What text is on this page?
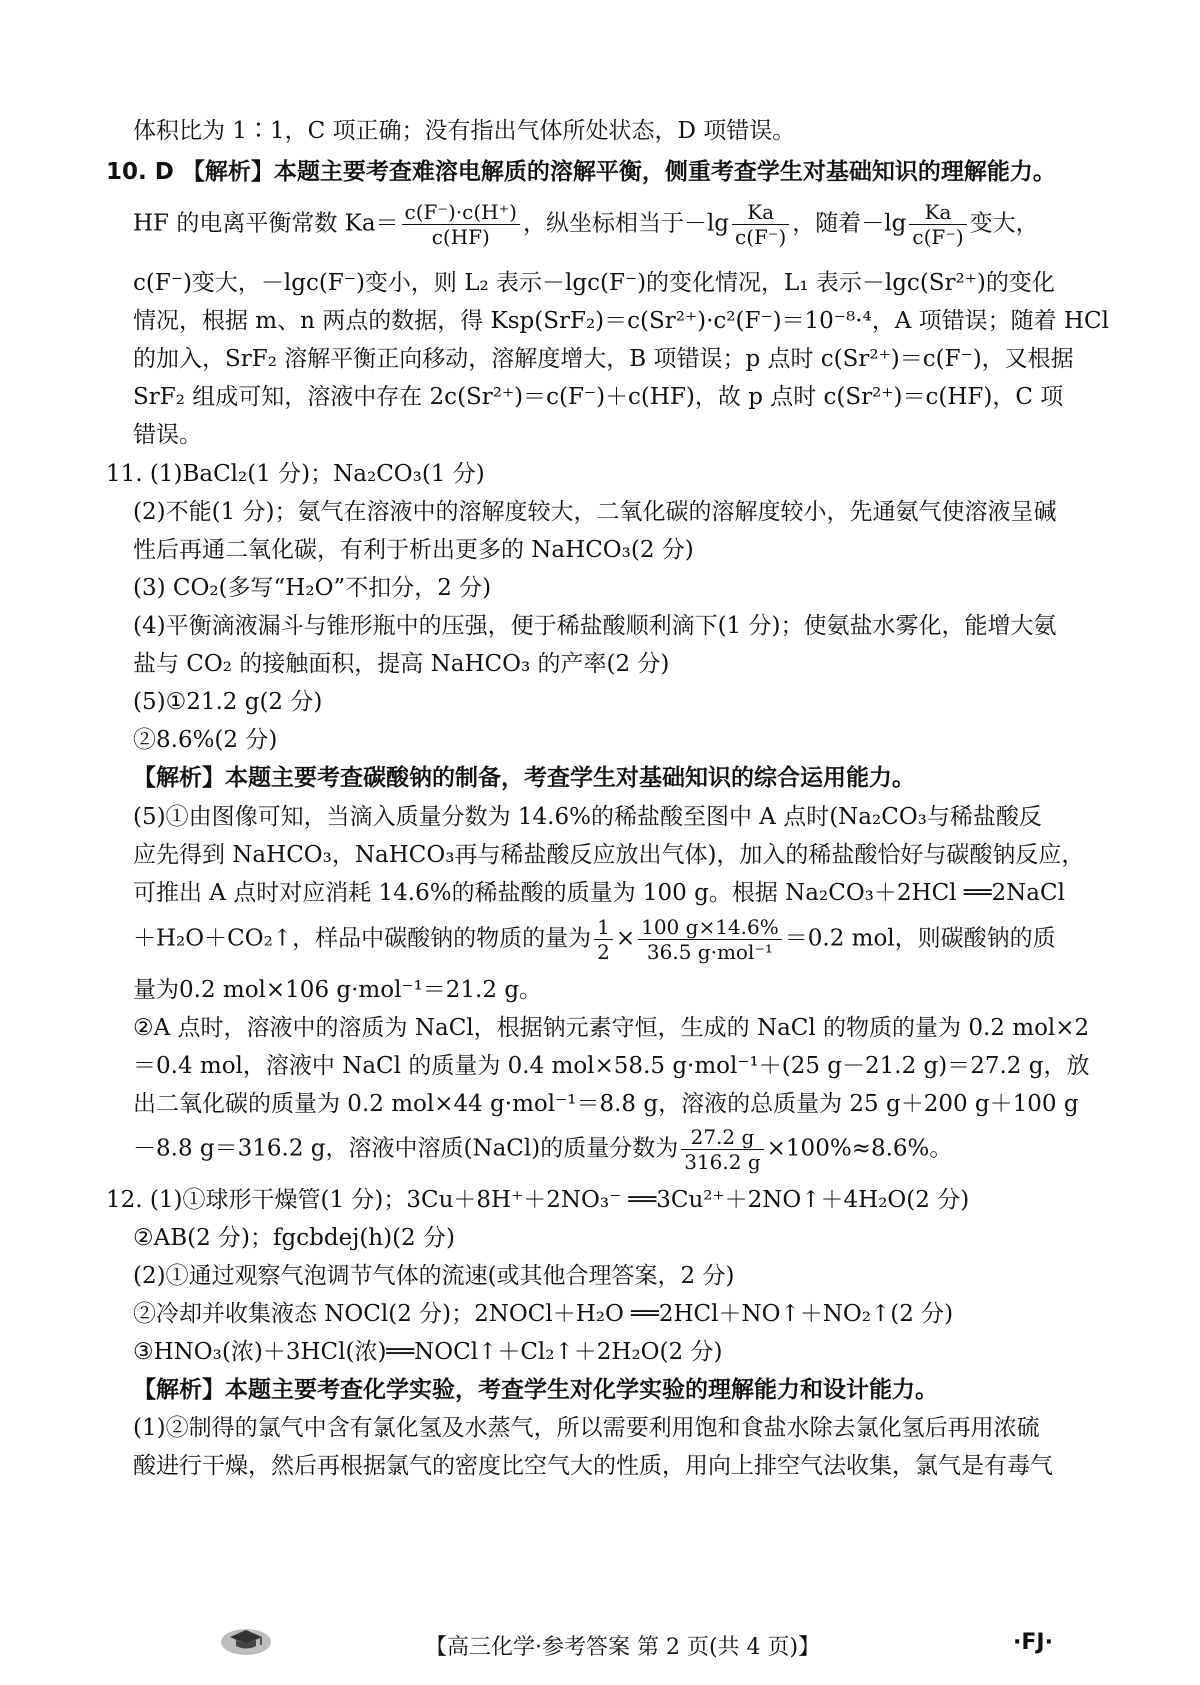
体积比为 1∶1，C 项正确；没有指出气体所处状态，D 项错误。
10. D 【解析】本题主要考查难溶电解质的溶解平衡，侧重考查学生对基础知识的理解能力。
HF 的电离平衡常数 $Ka= \frac{c(F^-)\cdot c(H^+)}{c(HF)}$ ，纵坐标相当于$-\lg \frac{Ka}{c(F^-)}$ ，随着$-\lg \frac{Ka}{c(F^-)}$ 变大，
c(F⁻)变大，－lgc(F⁻)变小，则 L₂ 表示－lgc(F⁻)的变化情况，L₁ 表示－lgc(Sr²⁺)的变化
情况，根据 m、n 两点的数据，得 Ksp(SrF₂)＝c(Sr²⁺)·c²(F⁻)＝10⁻⁸·⁴，A 项错误；随着 HCl
的加入，SrF₂ 溶解平衡正向移动，溶解度增大，B 项错误；p 点时 c(Sr²⁺)＝c(F⁻)，又根据
SrF₂ 组成可知，溶液中存在 2c(Sr²⁺)＝c(F⁻)＋c(HF)，故 p 点时 c(Sr²⁺)＝c(HF)，C 项
错误。
11. (1)BaCl₂(1 分)；Na₂CO₃(1 分)
(2)不能(1 分)；氨气在溶液中的溶解度较大，二氧化碳的溶解度较小，先通氨气使溶液呈碱
性后再通二氧化碳，有利于析出更多的 NaHCO₃(2 分)
(3) CO₂(多写“H₂O”不扣分，2 分)
(4)平衡滴液漏斗与锥形瓶中的压强，便于稀盐酸顺利滴下(1 分)；使氨盐水雾化，能增大氨
盐与 CO₂ 的接触面积，提高 NaHCO₃ 的产率(2 分)
(5)①21.2 g(2 分)
②8.6%(2 分)
【解析】本题主要考查碳酸钠的制备，考查学生对基础知识的综合运用能力。
(5)①由图像可知，当滴入质量分数为 14.6%的稀盐酸至图中 A 点时(Na₂CO₃与稀盐酸反
应先得到 NaHCO₃，NaHCO₃再与稀盐酸反应放出气体)，加入的稀盐酸恰好与碳酸钠反应，
可推出 A 点时对应消耗 14.6%的稀盐酸的质量为 100 g。根据 Na₂CO₃＋2HCl ══2NaCl
＋H₂O＋CO₂↑，样品中碳酸钠的物质的量为 $\frac{1}{2} \times \frac{100 g\times 14.6\%}{\text{36.5 g·mol⁻¹}} =0.2$ mol，则碳酸钠的质
量为0.2 mol×106 g·mol⁻¹＝21.2 g。
②A 点时，溶液中的溶质为 NaCl，根据钠元素守恒，生成的 NaCl 的物质的量为 0.2 mol×2
＝0.4 mol，溶液中 NaCl 的质量为 0.4 mol×58.5 g·mol⁻¹＋(25 g－21.2 g)＝27.2 g，放
出二氧化碳的质量为 0.2 mol×44 g·mol⁻¹＝8.8 g，溶液的总质量为 25 g＋200 g＋100 g
－8.8 g＝316.2 g，溶液中溶质(NaCl)的质量分数为 $\frac{27.2 g}{316.2 g} \times 100\%\approx 8.6\%$。
12. (1)①球形干燥管(1 分)；3Cu＋8H⁺＋2NO₃⁻ ══3Cu²⁺＋2NO↑＋4H₂O(2 分)
②AB(2 分)；fgcbdej(h)(2 分)
(2)①通过观察气泡调节气体的流速(或其他合理答案，2 分)
②冷却并收集液态 NOCl(2 分)；2NOCl＋H₂O ══2HCl＋NO↑＋NO₂↑(2 分)
③HNO₃(浓)＋3HCl(浓)══NOCl↑＋Cl₂↑＋2H₂O(2 分)
【解析】本题主要考查化学实验，考查学生对化学实验的理解能力和设计能力。
(1)②制得的氯气中含有氯化氢及水蒸气，所以需要利用饱和食盐水除去氯化氢后再用浓硫
酸进行干燥，然后再根据氯气的密度比空气大的性质，用向上排空气法收集，氯气是有毒气
【高三化学·参考答案 第 2 页(共 4 页)】	·FJ·
